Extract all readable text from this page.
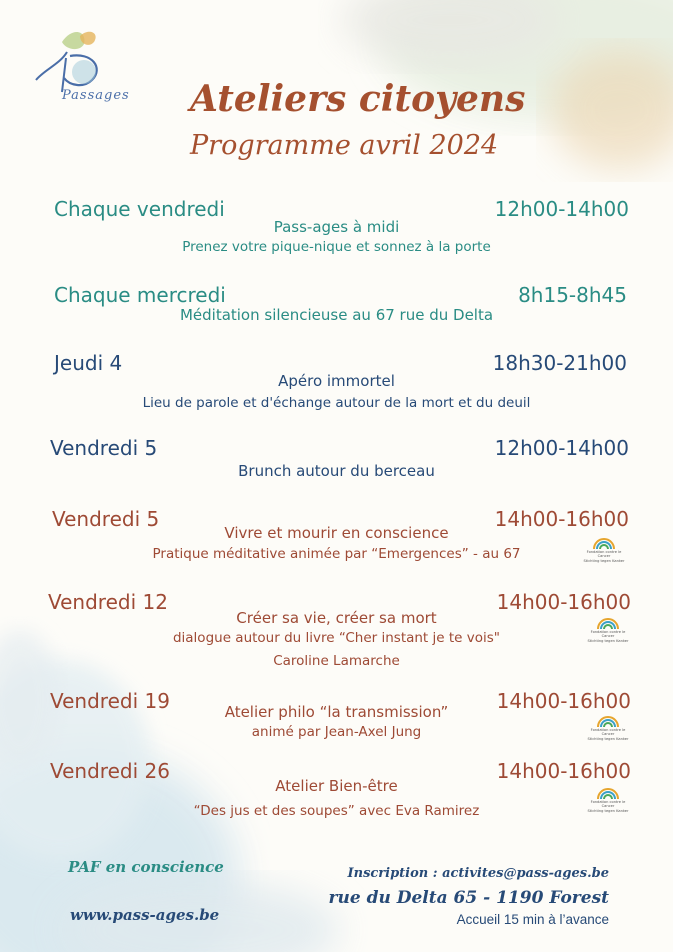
Passages Ateliers citoyens
Programme avril 2024
Chaque vendredi	12h00-14h00
Pass-ages à midi
Prenez votre pique-nique et sonnez à la porte
Chaque mercredi	8h15-8h45
Méditation silencieuse au 67 rue du Delta
Jeudi 4	18h30-21h00
Apéro immortel
Lieu de parole et d'échange autour de la mort et du deuil
Vendredi 5	12h00-14h00
Brunch autour du berceau
Vendredi 5	14h00-16h00
Vivre et mourir en conscience
Pratique méditative animée par “Emergences” - au 67
Vendredi 12	14h00-16h00
Créer sa vie, créer sa mort
dialogue autour du livre “Cher instant je te vois"
Caroline Lamarche
Vendredi 19	14h00-16h00
Atelier philo “la transmission”
animé par Jean-Axel Jung
Vendredi 26	14h00-16h00
Atelier Bien-être
“Des jus et des soupes” avec Eva Ramirez
Fondation contre le Cancer
Stichting tegen Kanker
Fondation contre le Cancer
Stichting tegen Kanker
Fondation contre le Cancer
Stichting tegen Kanker
Fondation contre le Cancer
Stichting tegen Kanker
PAF en conscience
www.pass-ages.be
Inscription : activites@pass-ages.be
rue du Delta 65 - 1190 Forest
Accueil 15 min à l’avance
